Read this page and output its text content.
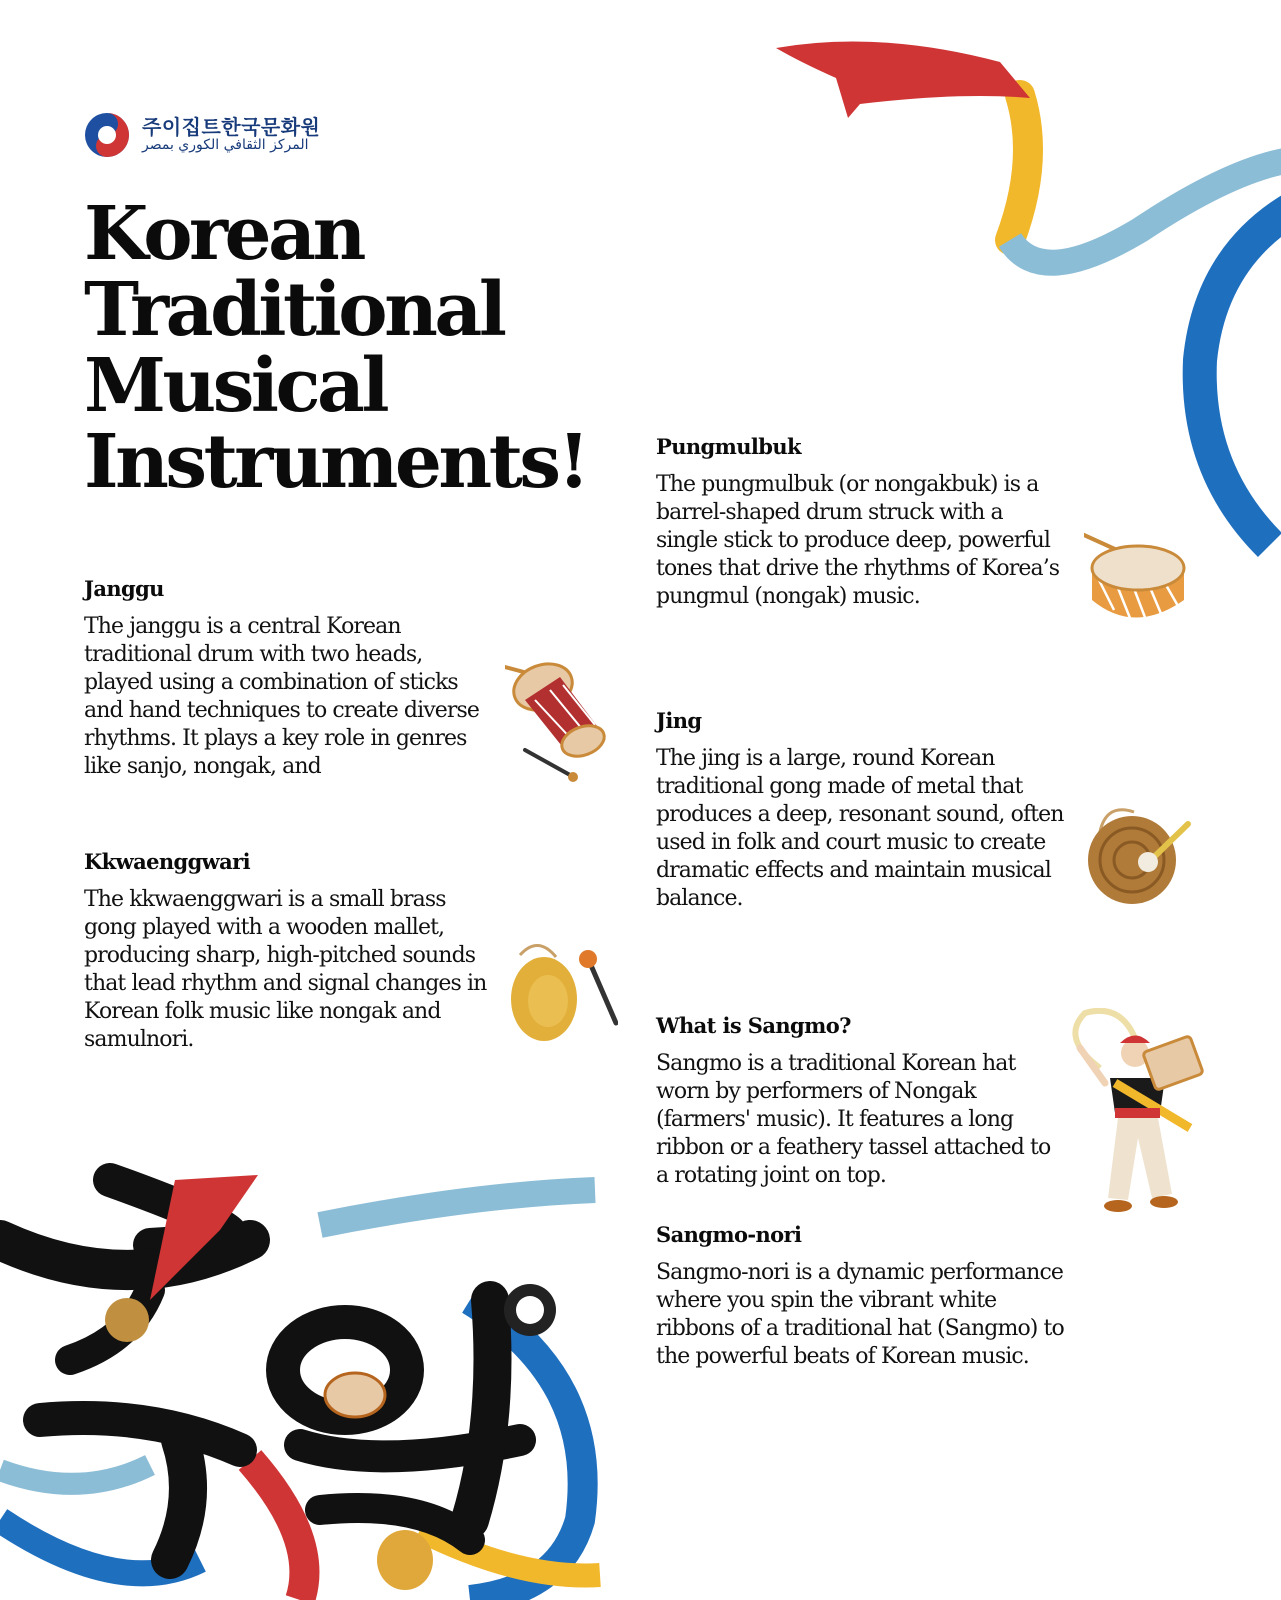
주이집트한국문화원
المركز الثقافي الكوري بمصر
Korean Traditional Musical Instruments!
Janggu

The janggu is a central Korean traditional drum with two heads, played using a combination of sticks and hand techniques to create diverse rhythms. It plays a key role in genres like sanjo, nongak, and

Kkwaenggwari

The kkwaenggwari is a small brass gong played with a wooden mallet, producing sharp, high-pitched sounds that lead rhythm and signal changes in Korean folk music like nongak and samulnori.

Pungmulbuk

The pungmulbuk (or nongakbuk) is a barrel-shaped drum struck with a single stick to produce deep, powerful tones that drive the rhythms of Korea’s pungmul (nongak) music.

Jing

The jing is a large, round Korean traditional gong made of metal that produces a deep, resonant sound, often used in folk and court music to create dramatic effects and maintain musical balance.

What is Sangmo?

Sangmo is a traditional Korean hat worn by performers of Nongak (farmers' music). It features a long ribbon or a feathery tassel attached to a rotating joint on top.

Sangmo-nori

Sangmo-nori is a dynamic performance where you spin the vibrant white ribbons of a traditional hat (Sangmo) to the powerful beats of Korean music.
